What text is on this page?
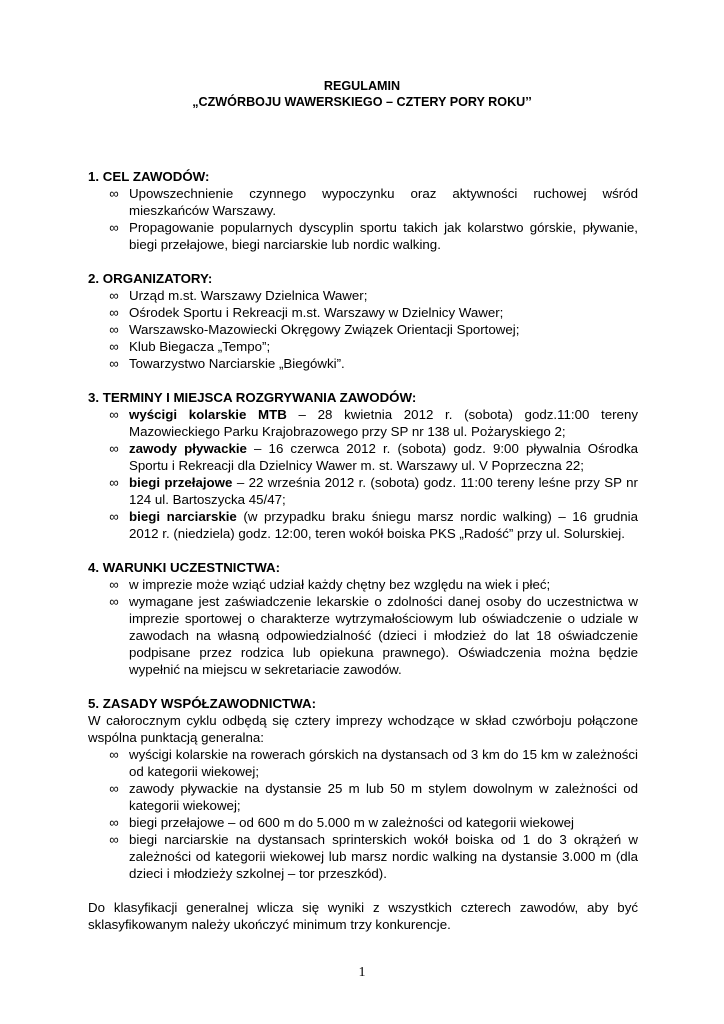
REGULAMIN
„CZWÓRBOJU WAWERSKIEGO – CZTERY PORY ROKU’’
1. CEL ZAWODÓW:
∞ Upowszechnienie czynnego wypoczynku oraz aktywności ruchowej wśród mieszkańców Warszawy.
∞ Propagowanie popularnych dyscyplin sportu takich jak kolarstwo górskie, pływanie, biegi przełajowe, biegi narciarskie lub nordic walking.
2. ORGANIZATORY:
∞ Urząd m.st. Warszawy Dzielnica Wawer;
∞ Ośrodek Sportu i Rekreacji m.st. Warszawy w Dzielnicy Wawer;
∞ Warszawsko-Mazowiecki Okręgowy Związek Orientacji Sportowej;
∞ Klub Biegacza „Tempo”;
∞ Towarzystwo Narciarskie „Biegówki”.
3. TERMINY I MIEJSCA ROZGRYWANIA ZAWODÓW:
∞ wyścigi kolarskie MTB – 28 kwietnia 2012 r. (sobota) godz.11:00 tereny Mazowieckiego Parku Krajobrazowego przy SP nr 138 ul. Pożaryskiego 2;
∞ zawody pływackie – 16 czerwca 2012 r. (sobota) godz. 9:00 pływalnia Ośrodka Sportu i Rekreacji dla Dzielnicy Wawer m. st. Warszawy ul. V Poprzeczna 22;
∞ biegi przełajowe – 22 września 2012 r. (sobota) godz. 11:00 tereny leśne przy SP nr 124 ul. Bartoszycka 45/47;
∞ biegi narciarskie (w przypadku braku śniegu marsz nordic walking) – 16 grudnia 2012 r. (niedziela) godz. 12:00, teren wokół boiska PKS „Radość” przy ul. Solurskiej.
4. WARUNKI UCZESTNICTWA:
∞ w imprezie może wziąć udział każdy chętny bez względu na wiek i płeć;
∞ wymagane jest zaświadczenie lekarskie o zdolności danej osoby do uczestnictwa w imprezie sportowej o charakterze wytrzymałościowym lub oświadczenie o udziale w zawodach na własną odpowiedzialność (dzieci i młodzież do lat 18 oświadczenie podpisane przez rodzica lub opiekuna prawnego). Oświadczenia można będzie wypełnić na miejscu w sekretariacie zawodów.
5. ZASADY WSPÓŁZAWODNICTWA:
W całorocznym cyklu odbędą się cztery imprezy wchodzące w skład czwórboju połączone wspólna punktacją generalna:
∞ wyścigi kolarskie na rowerach górskich na dystansach od 3 km do 15 km w zależności od kategorii wiekowej;
∞ zawody pływackie na dystansie 25 m lub 50 m stylem dowolnym w zależności od kategorii wiekowej;
∞ biegi przełajowe – od 600 m do 5.000 m w zależności od kategorii wiekowej
∞ biegi narciarskie na dystansach sprinterskich wokół boiska od 1 do 3 okrążeń w zależności od kategorii wiekowej lub marsz nordic walking na dystansie 3.000 m (dla dzieci i młodzieży szkolnej – tor przeszkód).
Do klasyfikacji generalnej wlicza się wyniki z wszystkich czterech zawodów, aby być sklasyfikowanym należy ukończyć minimum trzy konkurencje.
1
